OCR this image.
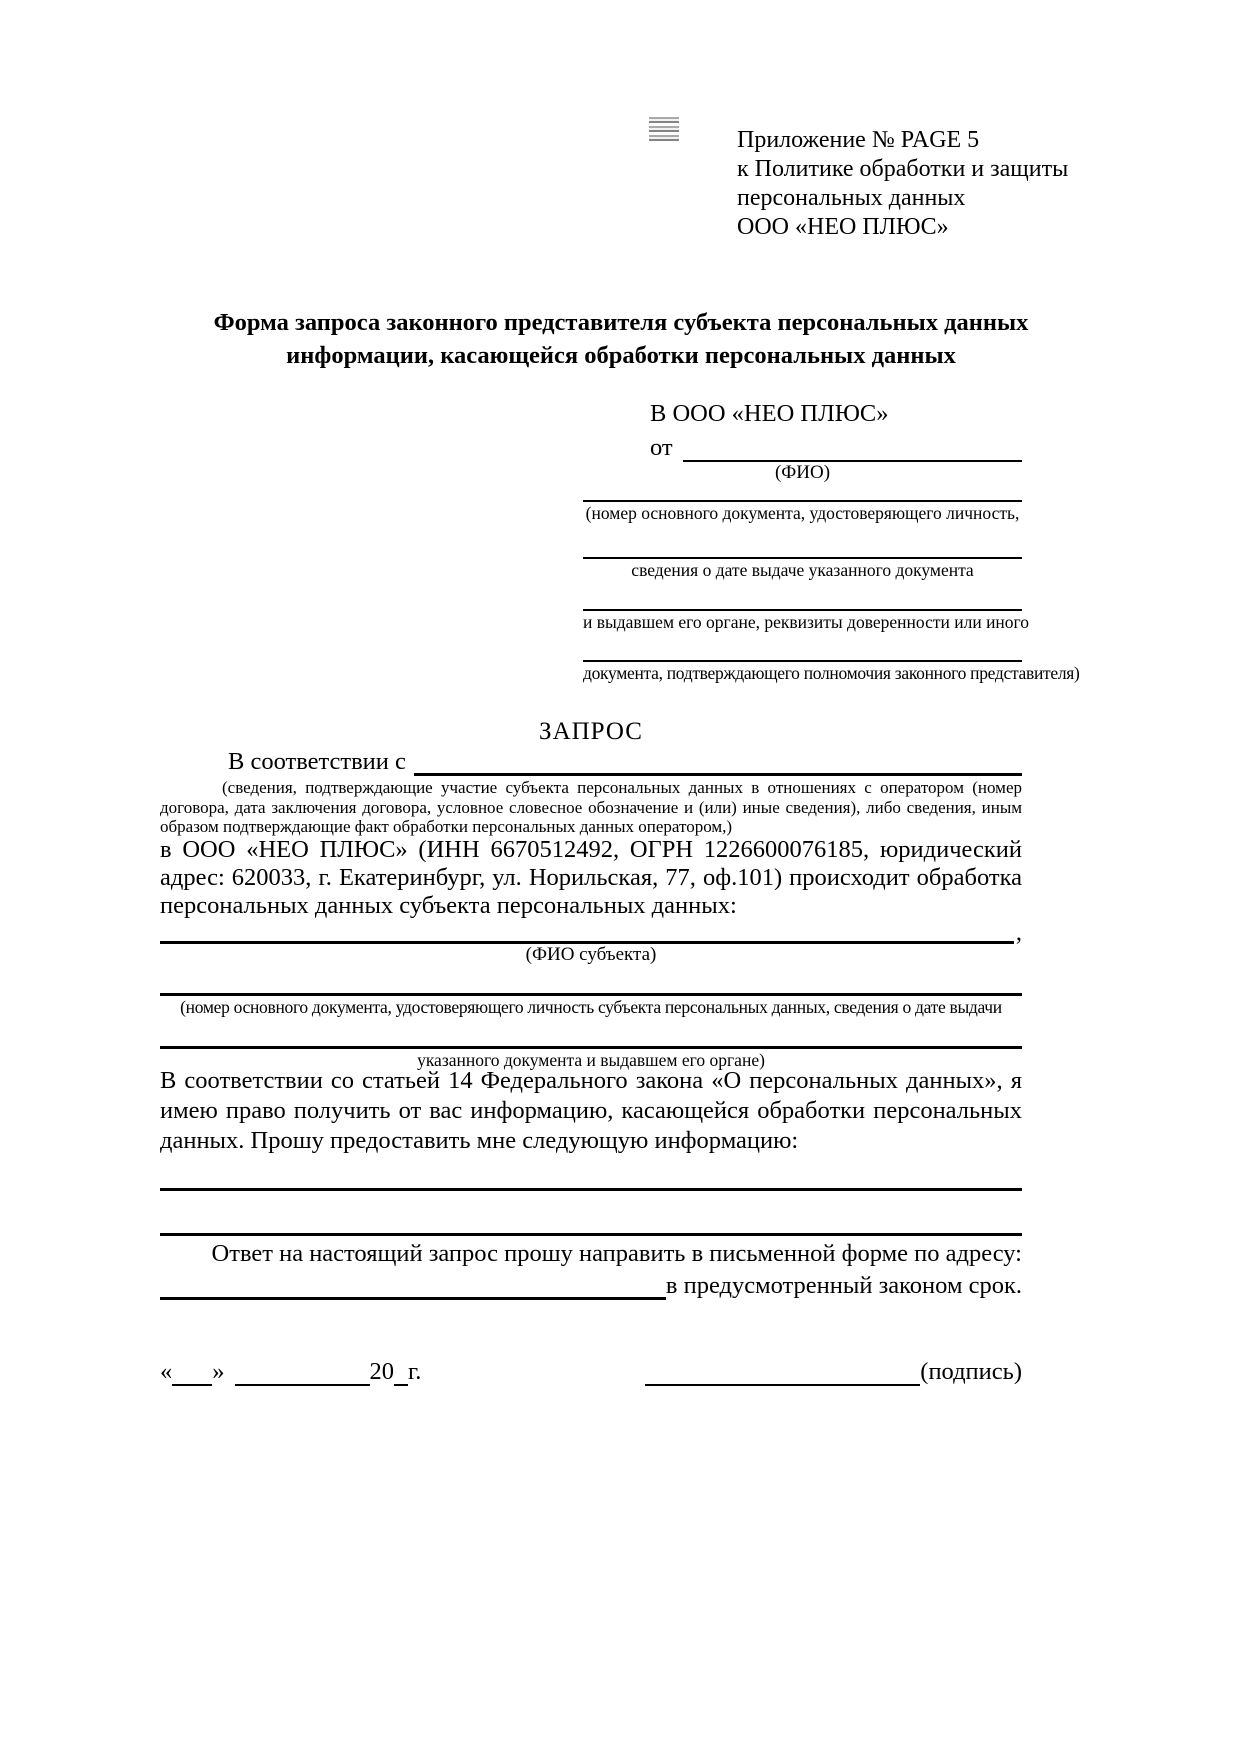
Приложение № PAGE 5
к Политике обработки и защиты
персональных данных
ООО «НЕО ПЛЮС»
Форма запроса законного представителя субъекта персональных данных
информации, касающейся обработки персональных данных
В ООО «НЕО ПЛЮС»
от
(ФИО)
(номер основного документа, удостоверяющего личность,
сведения о дате выдаче указанного документа
и выдавшем его органе, реквизиты доверенности или иного
документа, подтверждающего полномочия законного представителя)
ЗАПРОС
В соответствии с
(сведения, подтверждающие участие субъекта персональных данных в отношениях с оператором (номер договора, дата заключения договора, условное словесное обозначение и (или) иные сведения), либо сведения, иным образом подтверждающие факт обработки персональных данных оператором,)
в ООО «НЕО ПЛЮС» (ИНН 6670512492, ОГРН 1226600076185, юридический адрес: 620033, г. Екатеринбург, ул. Норильская, 77, оф.101) происходит обработка персональных данных субъекта персональных данных:
,
(ФИО субъекта)
(номер основного документа, удостоверяющего личность субъекта персональных данных, сведения о дате выдачи
указанного документа и выдавшем его органе)
В соответствии со статьей 14 Федерального закона «О персональных данных», я имею право получить от вас информацию, касающейся обработки персональных данных. Прошу предоставить мне следующую информацию:
Ответ на настоящий запрос прошу направить в письменной форме по адресу:
в предусмотренный законом срок.
« »	20 г.	(подпись)
